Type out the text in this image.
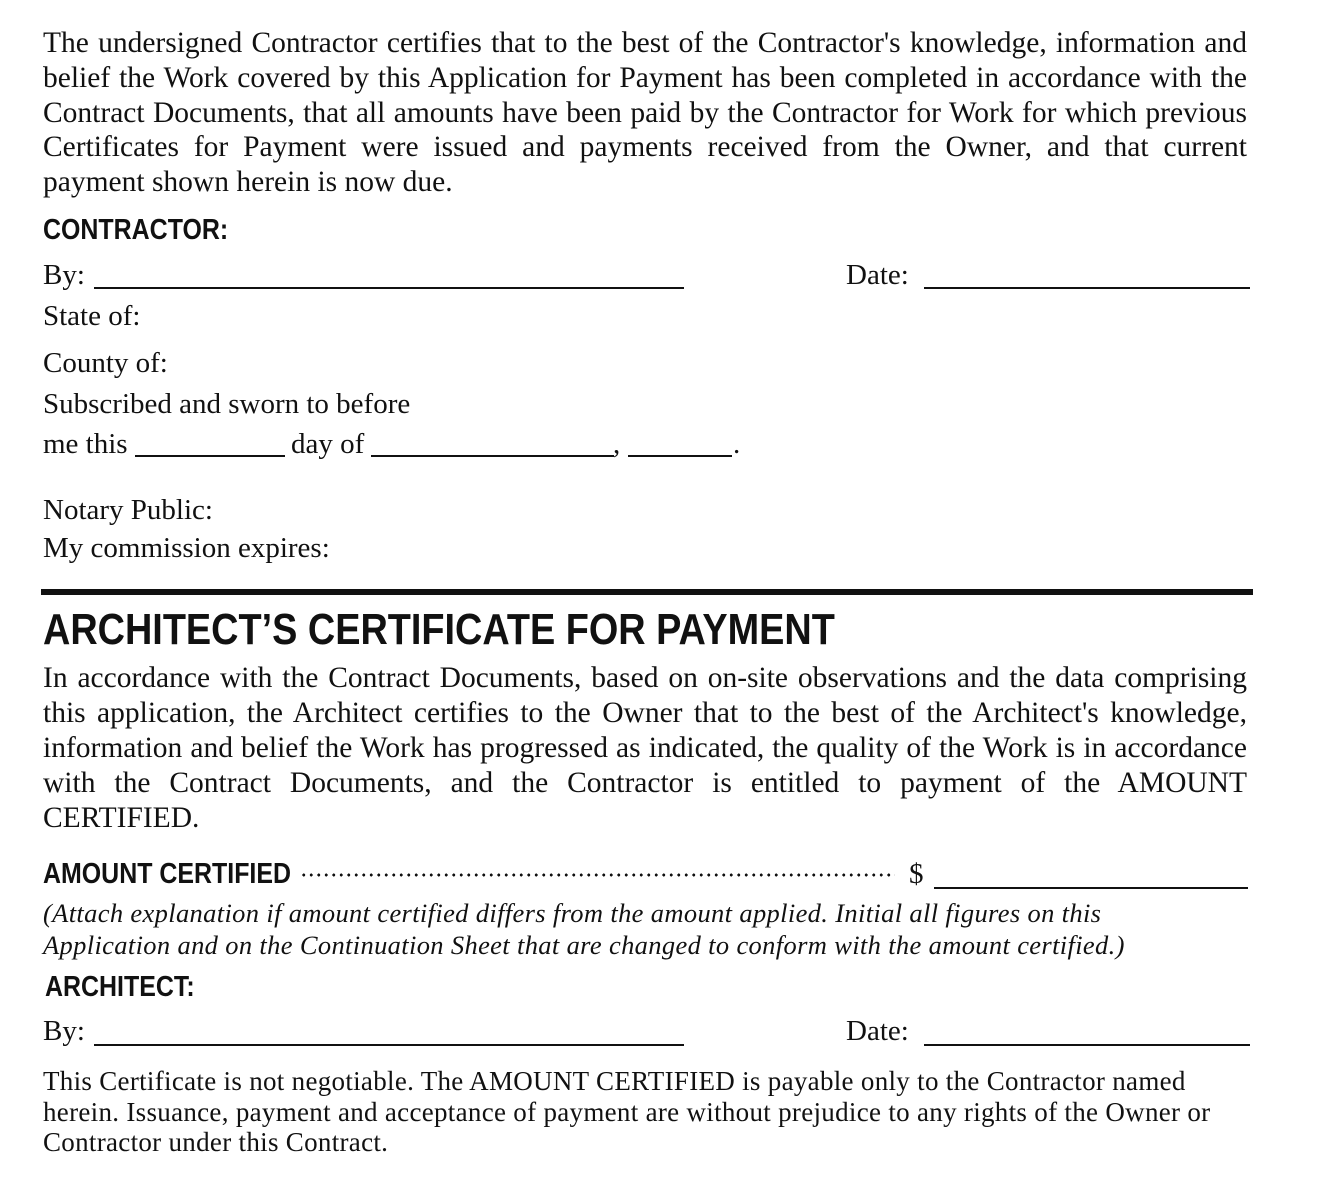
The undersigned Contractor certifies that to the best of the Contractor's knowledge, information and belief the Work covered by this Application for Payment has been completed in accordance with the Contract Documents, that all amounts have been paid by the Contractor for Work for which previous Certificates for Payment were issued and payments received from the Owner, and that current payment shown herein is now due.
CONTRACTOR:
By:	Date:
State of:
County of:
Subscribed and sworn to before
me this	day of	,	.
Notary Public:
My commission expires:
ARCHITECT’S CERTIFICATE FOR PAYMENT
In accordance with the Contract Documents, based on on-site observations and the data comprising this application, the Architect certifies to the Owner that to the best of the Architect's knowledge, information and belief the Work has progressed as indicated, the quality of the Work is in accordance with the Contract Documents, and the Contractor is entitled to payment of the AMOUNT CERTIFIED.
AMOUNT CERTIFIED	$
(Attach explanation if amount certified differs from the amount applied. Initial all figures on this Application and on the Continuation Sheet that are changed to conform with the amount certified.)
ARCHITECT:
By:	Date:
This Certificate is not negotiable. The AMOUNT CERTIFIED is payable only to the Contractor named herein. Issuance, payment and acceptance of payment are without prejudice to any rights of the Owner or Contractor under this Contract.
